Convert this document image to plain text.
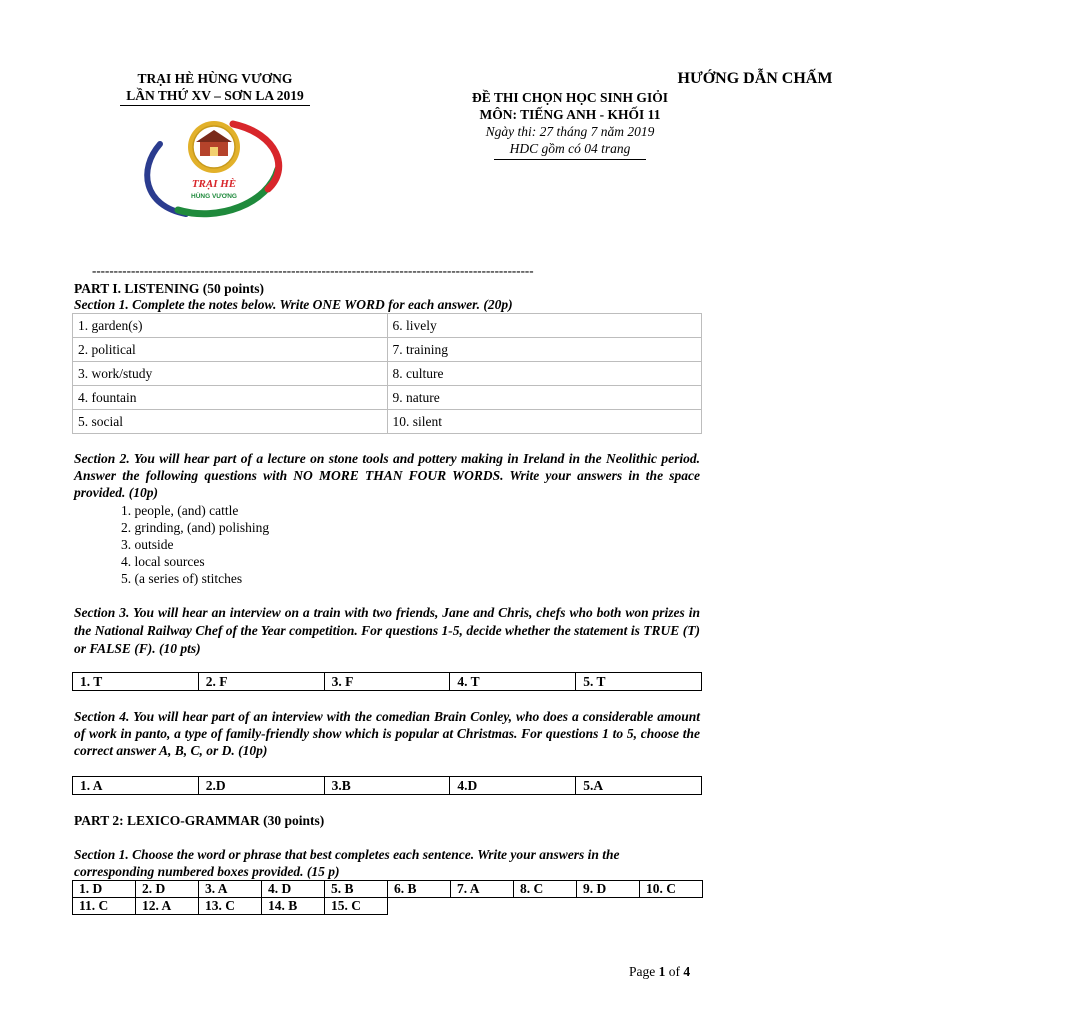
TRẠI HÈ HÙNG VƯƠNG
LẦN THỨ XV – SƠN LA 2019
TRẠI HÈ
HÙNG VƯƠNG
HƯỚNG DẪN CHẤM
ĐỀ THI CHỌN HỌC SINH GIỎI
MÔN: TIẾNG ANH - KHỐI 11
Ngày thi: 27 tháng 7 năm 2019
HDC gồm có 04 trang
------------------------------------------------------------------------------------------------------
PART I. LISTENING (50 points)
Section 1. Complete the notes below. Write ONE WORD for each answer. (20p)
1. garden(s)	6. lively
2. political	7. training
3. work/study	8. culture
4. fountain	9. nature
5. social	10. silent
Section 2. You will hear part of a lecture on stone tools and pottery making in Ireland in the Neolithic period. Answer the following questions with NO MORE THAN FOUR WORDS. Write your answers in the space provided. (10p)
1. people, (and) cattle
2. grinding, (and) polishing
3. outside
4. local sources
5. (a series of) stitches
Section 3. You will hear an interview on a train with two friends, Jane and Chris, chefs who both won prizes in the National Railway Chef of the Year competition. For questions 1-5, decide whether the statement is TRUE (T) or FALSE (F). (10 pts)
1. T	2. F	3. F	4. T	5. T
Section 4. You will hear part of an interview with the comedian Brain Conley, who does a considerable amount of work in panto, a type of family-friendly show which is popular at Christmas. For questions 1 to 5, choose the correct answer A, B, C, or D. (10p)
1. A	2.D	3.B	4.D	5.A
PART 2: LEXICO-GRAMMAR (30 points)
Section 1. Choose the word or phrase that best completes each sentence. Write your answers in the corresponding numbered boxes provided. (15 p)
1. D	2. D	3. A	4. D	5. B	6. B	7. A	8. C	9. D	10. C
11. C	12. A	13. C	14. B	15. C					
Page 1 of 4
